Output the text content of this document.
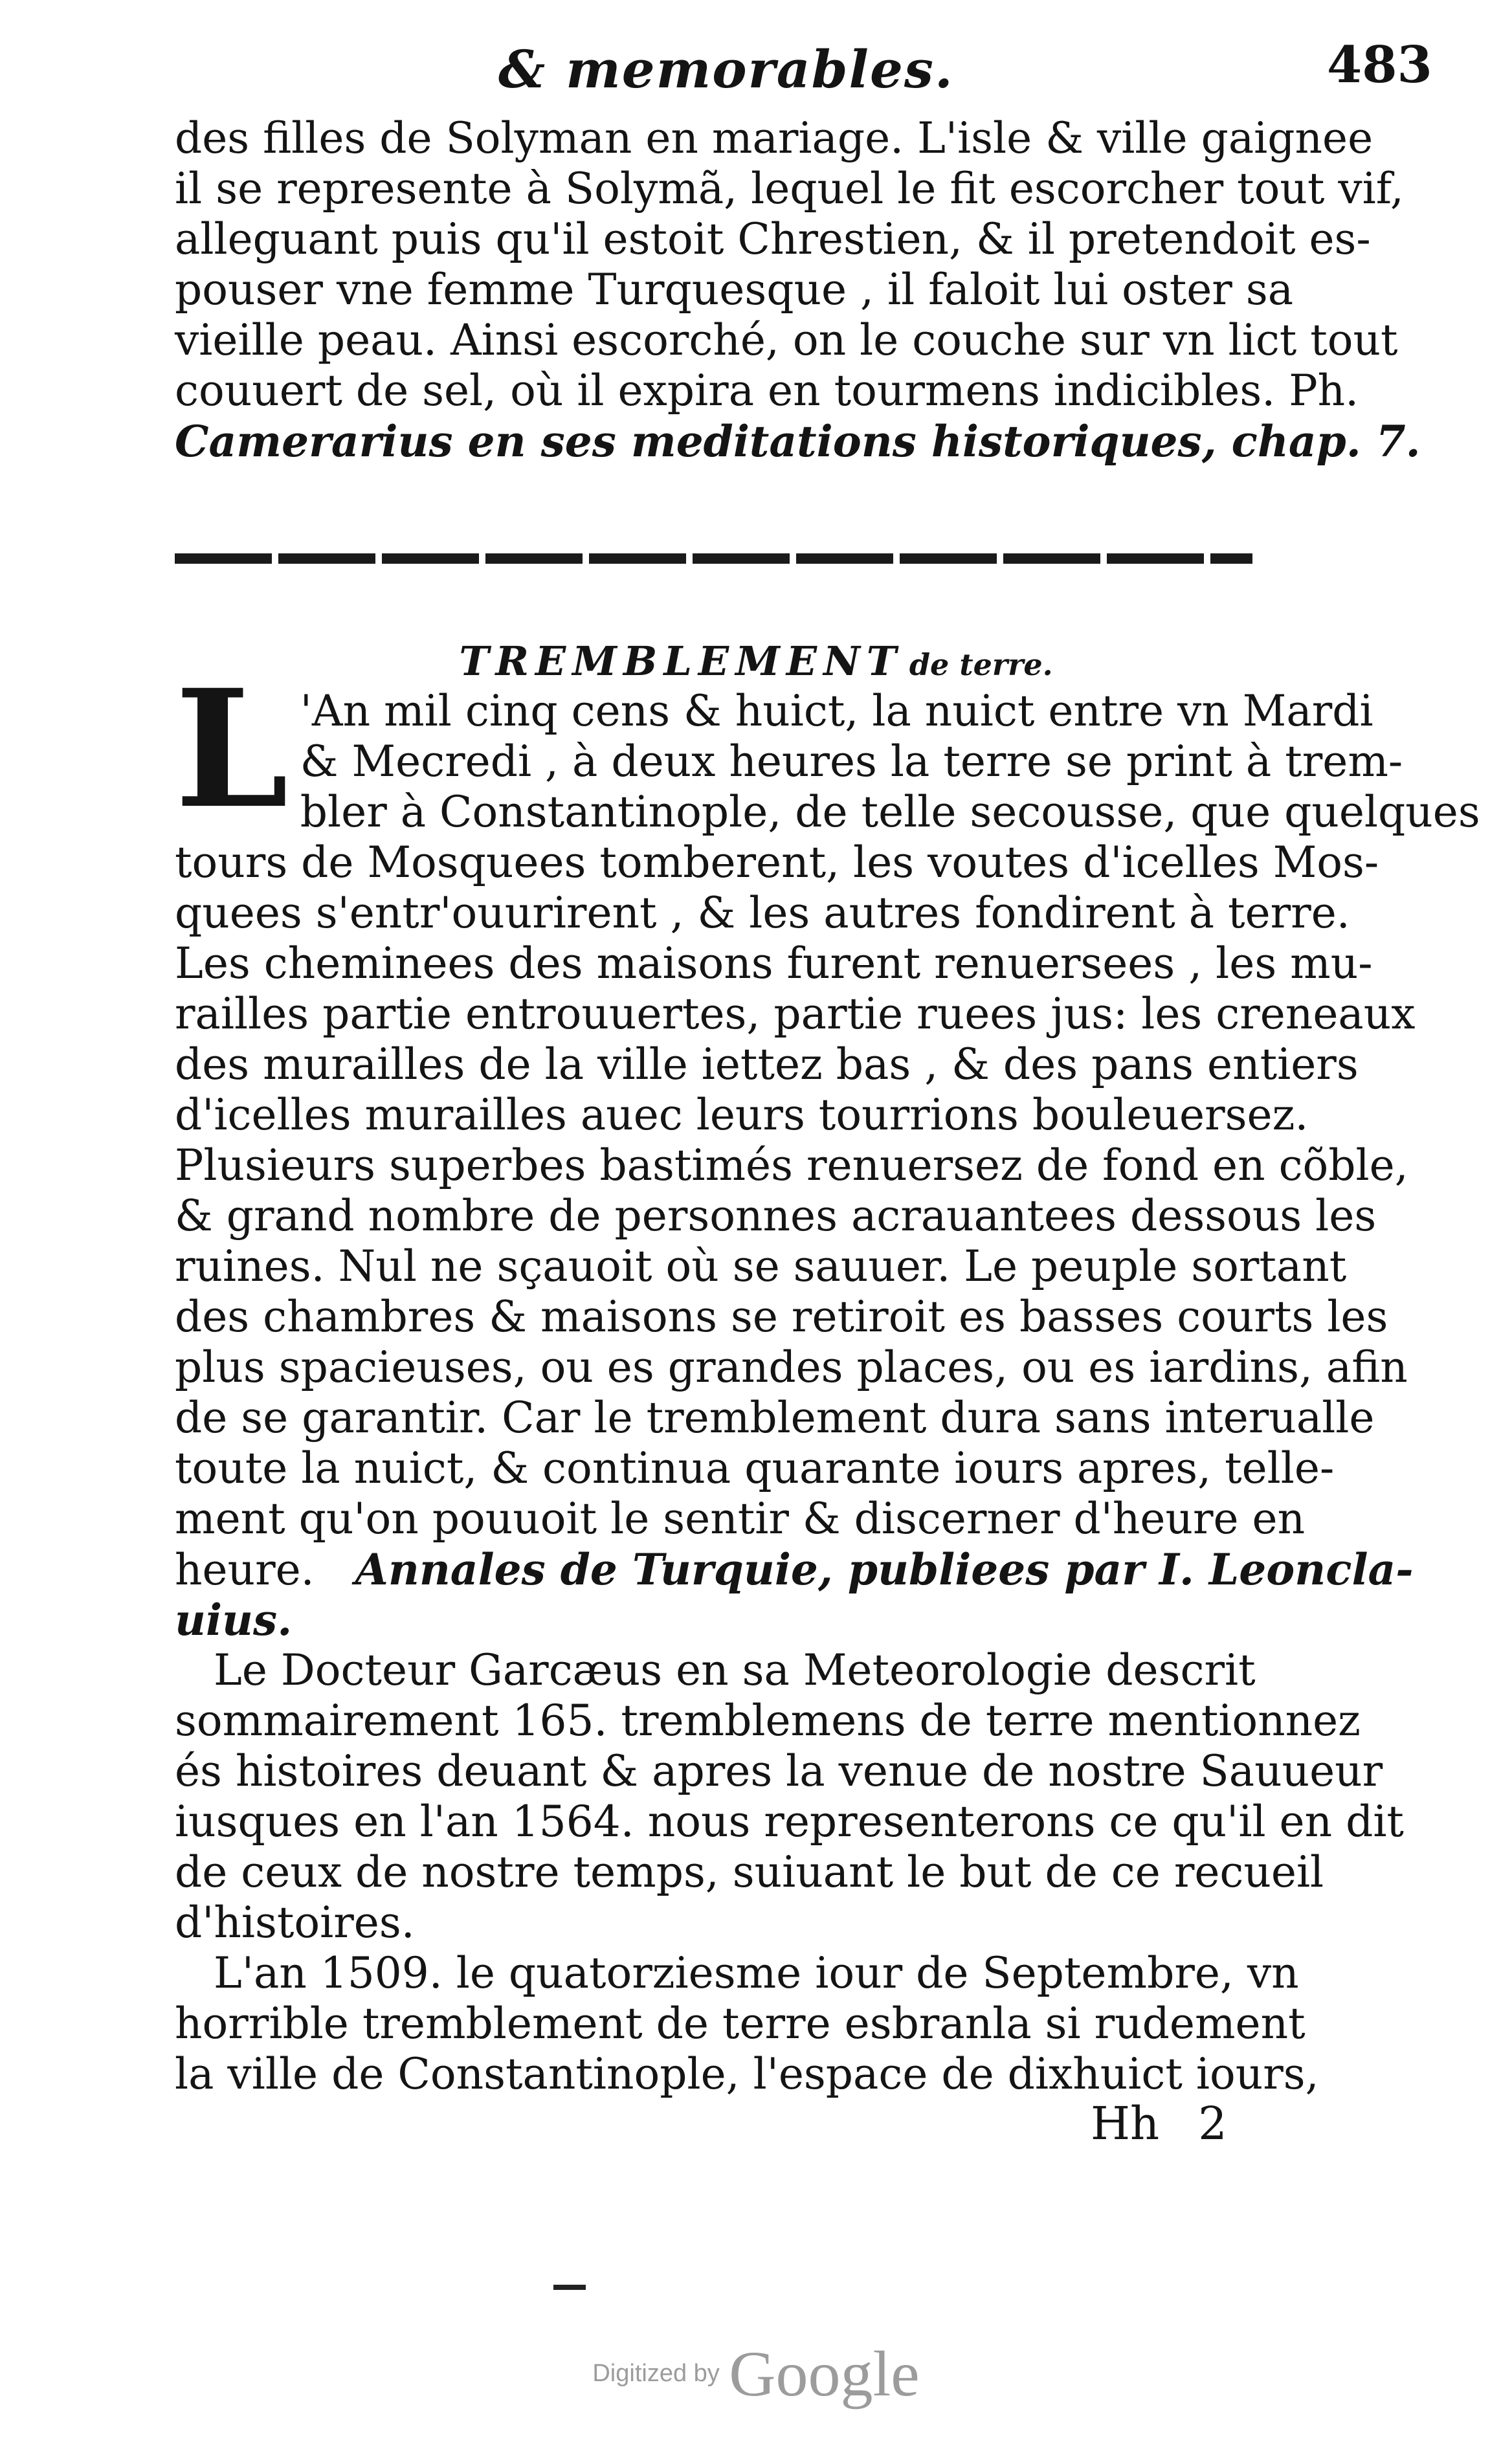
& memorables.	483
des filles de Solyman en mariage. L'isle & ville gaignee
il se represente à Solymã, lequel le fit escorcher tout vif,
alleguant puis qu'il estoit Chrestien, & il pretendoit es-
pouser vne femme Turquesque , il faloit lui oster sa
vieille peau. Ainsi escorché, on le couche sur vn lict tout
couuert de sel, où il expira en tourmens indicibles. Ph.
Camerarius en ses meditations historiques, chap. 7.
TREMBLEMENT de terre.
L 'An mil cinq cens & huict, la nuict entre vn Mardi
& Mecredi , à deux heures la terre se print à trem-
bler à Constantinople, de telle secousse, que quelques
tours de Mosquees tomberent, les voutes d'icelles Mos-
quees s'entr'ouurirent , & les autres fondirent à terre.
Les cheminees des maisons furent renuersees , les mu-
railles partie entrouuertes, partie ruees jus: les creneaux
des murailles de la ville iettez bas , & des pans entiers
d'icelles murailles auec leurs tourrions bouleuersez.
Plusieurs superbes bastimés renuersez de fond en cõble,
& grand nombre de personnes acrauantees dessous les
ruines. Nul ne sçauoit où se sauuer. Le peuple sortant
des chambres & maisons se retiroit es basses courts les
plus spacieuses, ou es grandes places, ou es iardins, afin
de se garantir. Car le tremblement dura sans interualle
toute la nuict, & continua quarante iours apres, telle-
ment qu'on pouuoit le sentir & discerner d'heure en
heure. Annales de Turquie, publiees par I. Leoncla-
uius.
Le Docteur Garcæus en sa Meteorologie descrit
sommairement 165. tremblemens de terre mentionnez
és histoires deuant & apres la venue de nostre Sauueur
iusques en l'an 1564. nous representerons ce qu'il en dit
de ceux de nostre temps, suiuant le but de ce recueil
d'histoires.
L'an 1509. le quatorziesme iour de Septembre, vn
horrible tremblement de terre esbranla si rudement
la ville de Constantinople, l'espace de dixhuict iours,
Hh 2
Digitized by Google
